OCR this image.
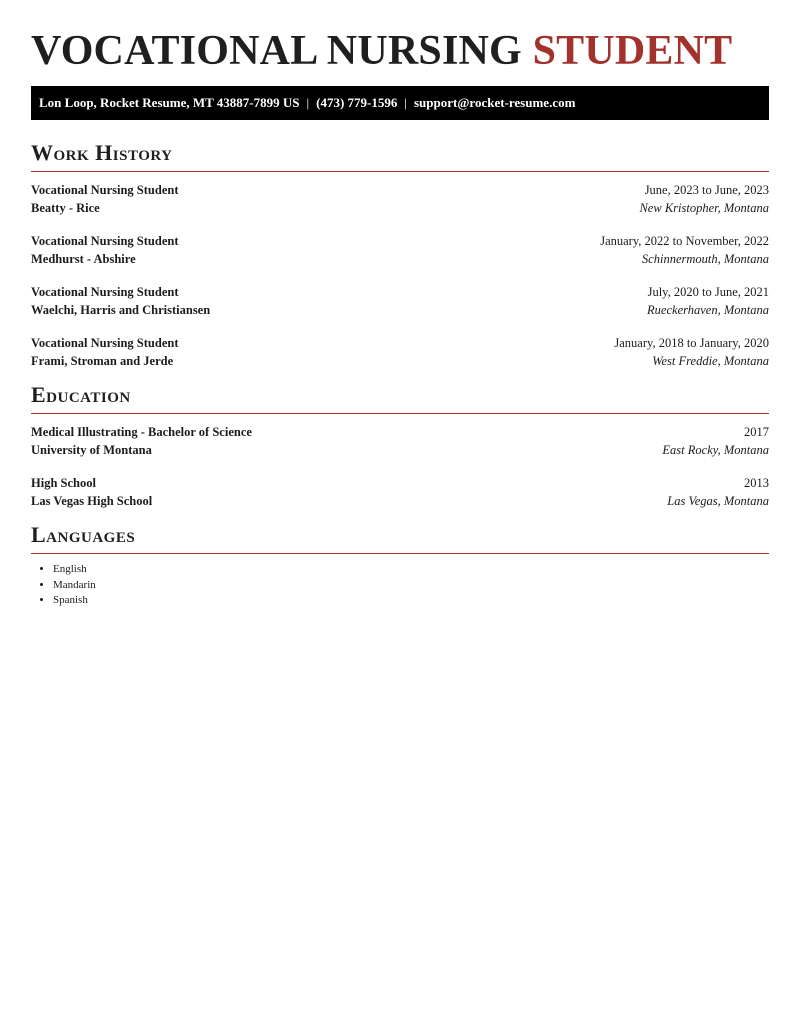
VOCATIONAL NURSING STUDENT
Lon Loop, Rocket Resume, MT 43887-7899 US | (473) 779-1596 | support@rocket-resume.com
Work History
Vocational Nursing Student	June, 2023 to June, 2023
Beatty - Rice	New Kristopher, Montana
Vocational Nursing Student	January, 2022 to November, 2022
Medhurst - Abshire	Schinnermouth, Montana
Vocational Nursing Student	July, 2020 to June, 2021
Waelchi, Harris and Christiansen	Rueckerhaven, Montana
Vocational Nursing Student	January, 2018 to January, 2020
Frami, Stroman and Jerde	West Freddie, Montana
Education
Medical Illustrating - Bachelor of Science	2017
University of Montana	East Rocky, Montana
High School	2013
Las Vegas High School	Las Vegas, Montana
Languages
• English
• Mandarin
• Spanish
